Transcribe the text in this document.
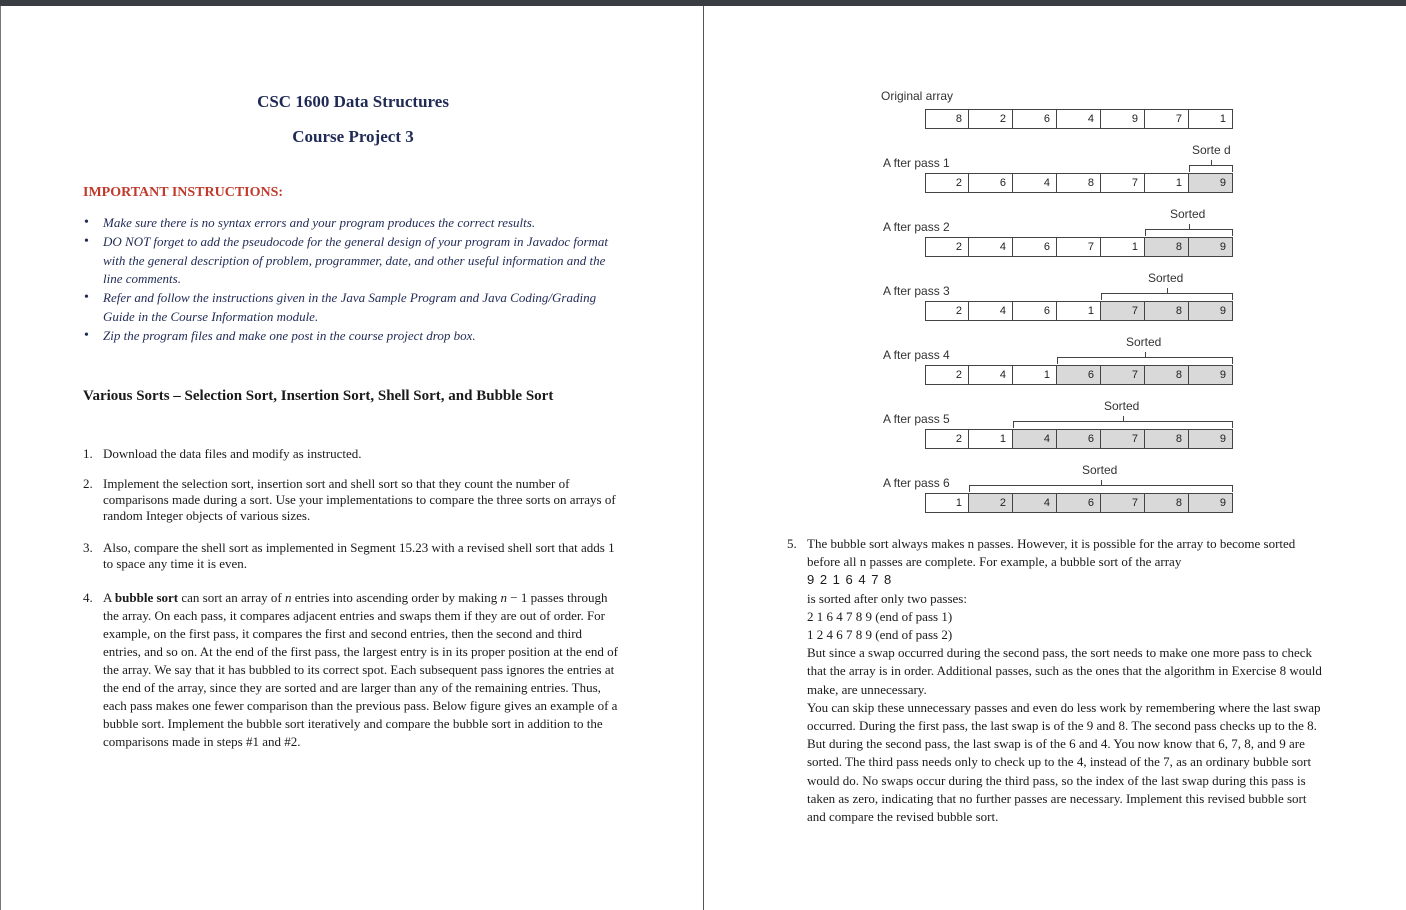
CSC 1600 Data Structures
Course Project 3
IMPORTANT INSTRUCTIONS:
• Make sure there is no syntax errors and your program produces the correct results.
• DO NOT forget to add the pseudocode for the general design of your program in Javadoc format with the general description of problem, programmer, date, and other useful information and the line comments.
• Refer and follow the instructions given in the Java Sample Program and Java Coding/Grading Guide in the Course Information module.
• Zip the program files and make one post in the course project drop box.
Various Sorts – Selection Sort, Insertion Sort, Shell Sort, and Bubble Sort
1. Download the data files and modify as instructed.
2. Implement the selection sort, insertion sort and shell sort so that they count the number of comparisons made during a sort. Use your implementations to compare the three sorts on arrays of random Integer objects of various sizes.
3. Also, compare the shell sort as implemented in Segment 15.23 with a revised shell sort that adds 1 to space any time it is even.
4. A bubble sort can sort an array of n entries into ascending order by making n − 1 passes through the array. On each pass, it compares adjacent entries and swaps them if they are out of order. For example, on the first pass, it compares the first and second entries, then the second and third entries, and so on. At the end of the first pass, the largest entry is in its proper position at the end of the array. We say that it has bubbled to its correct spot. Each subsequent pass ignores the entries at the end of the array, since they are sorted and are larger than any of the remaining entries. Thus, each pass makes one fewer comparison than the previous pass. Below figure gives an example of a bubble sort. Implement the bubble sort iteratively and compare the bubble sort in addition to the comparisons made in steps #1 and #2.
Original array
8	2	6	4	9	7	1
A fter pass 1
2	6	4	8	7	1	9
Sorte d
A fter pass 2
2	4	6	7	1	8	9
Sorted
A fter pass 3
2	4	6	1	7	8	9
Sorted
A fter pass 4
2	4	1	6	7	8	9
Sorted
A fter pass 5
2	1	4	6	7	8	9
Sorted
A fter pass 6
1	2	4	6	7	8	9
Sorted
5. The bubble sort always makes n passes. However, it is possible for the array to become sorted before all n passes are complete. For example, a bubble sort of the array

9 2 1 6 4 7 8

is sorted after only two passes:

2 1 6 4 7 8 9 (end of pass 1)

1 2 4 6 7 8 9 (end of pass 2)

But since a swap occurred during the second pass, the sort needs to make one more pass to check that the array is in order. Additional passes, such as the ones that the algorithm in Exercise 8 would make, are unnecessary.

You can skip these unnecessary passes and even do less work by remembering where the last swap occurred. During the first pass, the last swap is of the 9 and 8. The second pass checks up to the 8. But during the second pass, the last swap is of the 6 and 4. You now know that 6, 7, 8, and 9 are sorted. The third pass needs only to check up to the 4, instead of the 7, as an ordinary bubble sort would do. No swaps occur during the third pass, so the index of the last swap during this pass is taken as zero, indicating that no further passes are necessary. Implement this revised bubble sort and compare the revised bubble sort.
